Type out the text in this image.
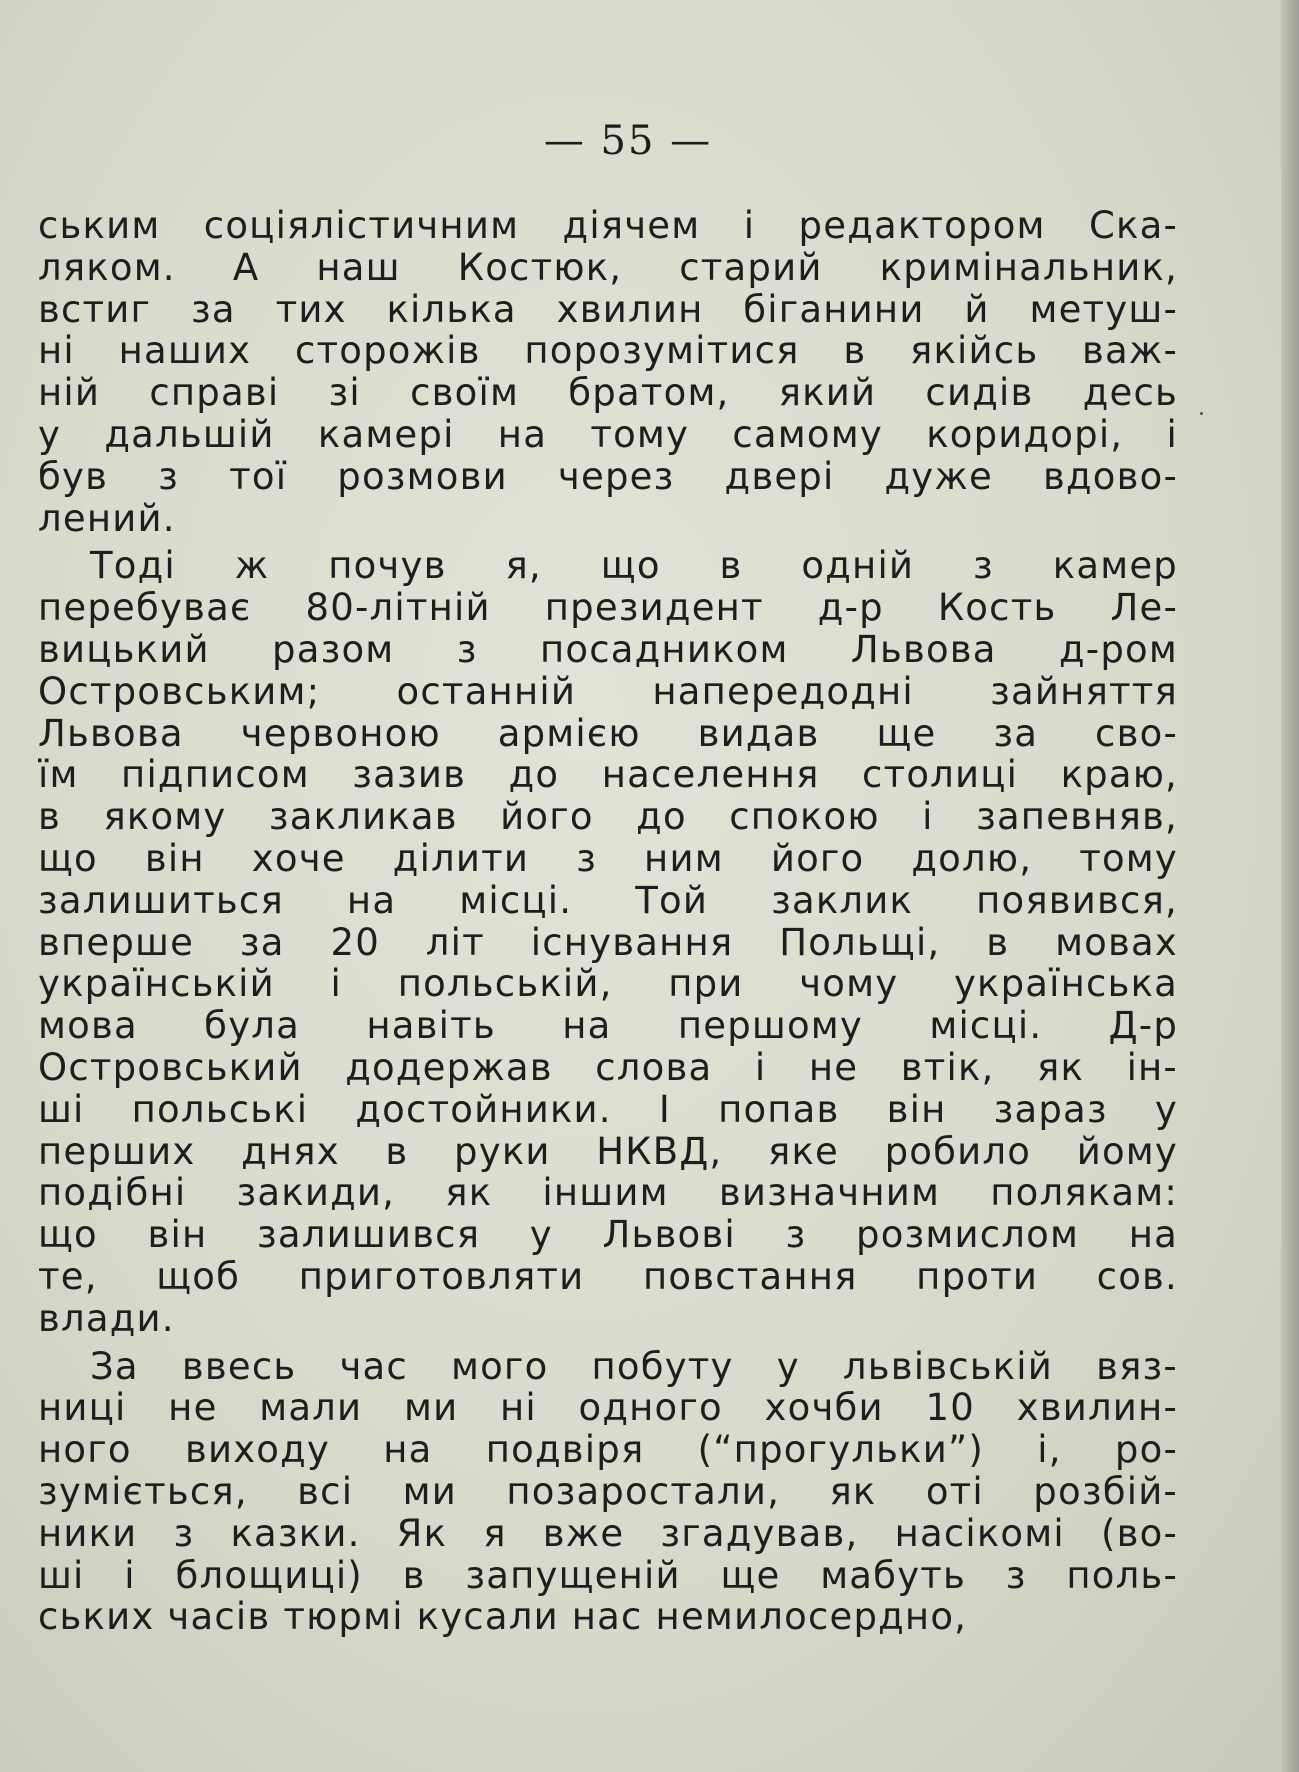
— 55 —
ським соціялістичним діячем і редактором Ска-
ляком. А наш Костюк, старий кримінальник,
встиг за тих кілька хвилин біганини й метуш-
ні наших сторожів порозумітися в якійсь важ-
ній справі зі своїм братом, який сидів десь
у дальшій камері на тому самому коридорі, і
був з тої розмови через двері дуже вдово-
лений.
Тоді ж почув я, що в одній з камер
перебуває 80-літній президент д-р Кость Ле-
вицький разом з посадником Львова д-ром
Островським; останній напередодні зайняття
Львова червоною армією видав ще за сво-
їм підписом зазив до населення столиці краю,
в якому закликав його до спокою і запевняв,
що він хоче ділити з ним його долю, тому
залишиться на місці. Той заклик появився,
вперше за 20 літ існування Польщі, в мовах
українській і польській, при чому українська
мова була навіть на першому місці. Д-р
Островський додержав слова і не втік, як ін-
ші польські достойники. І попав він зараз у
перших днях в руки НКВД, яке робило йому
подібні закиди, як іншим визначним полякам:
що він залишився у Львові з розмислом на
те, щоб приготовляти повстання проти сов.
влади.
За ввесь час мого побуту у львівській вяз-
ниці не мали ми ні одного хочби 10 хвилин-
ного виходу на подвіря (“прогульки”) і, ро-
зуміється, всі ми позаростали, як оті розбій-
ники з казки. Як я вже згадував, насікомі (во-
ші і блощиці) в запущеній ще мабуть з поль-
ських часів тюрмі кусали нас немилосердно,
